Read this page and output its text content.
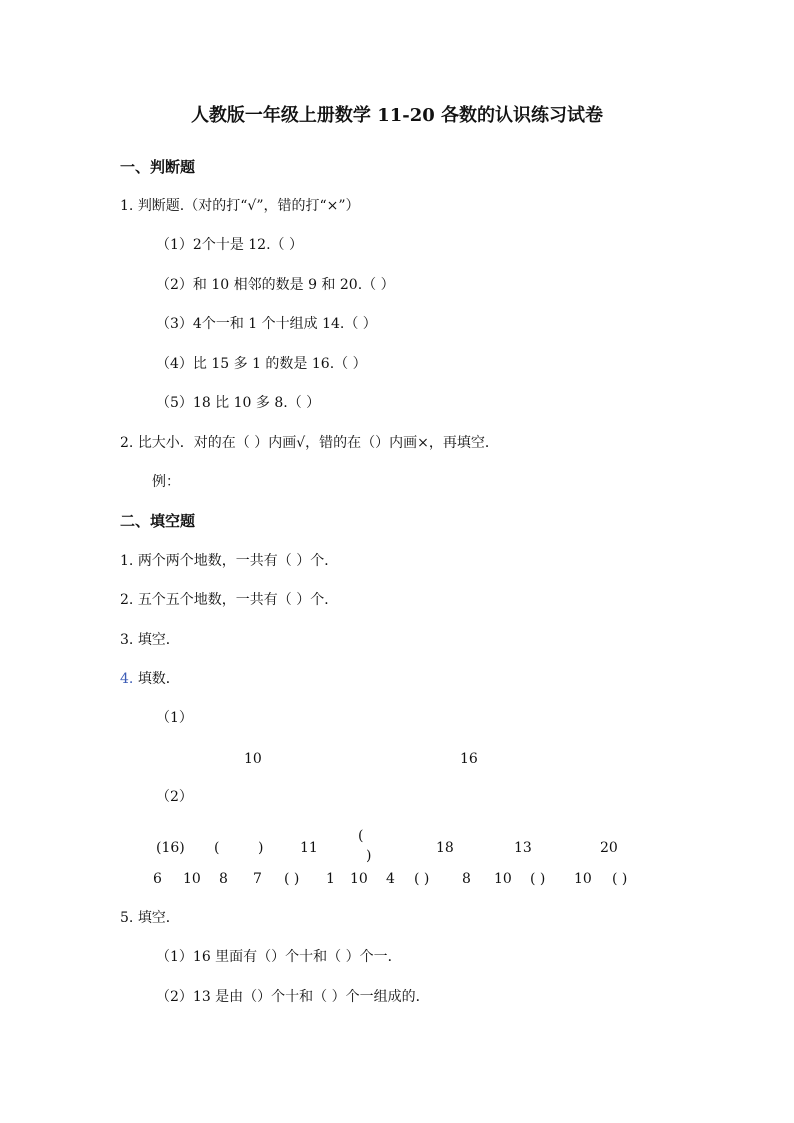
人教版一年级上册数学 11-20 各数的认识练习试卷
一、判断题
1. 判断题.（对的打“√”，错的打“×”）
（1）2个十是 12.（ ）
（2）和 10 相邻的数是 9 和 20.（ ）
（3）4个一和 1 个十组成 14.（ ）
（4）比 15 多 1 的数是 16.（ ）
（5）18 比 10 多 8.（ ）
2. 比大小．对的在（ ）内画√，错的在（）内画×，再填空．
例：
二、填空题
1. 两个两个地数，一共有（ ）个．
2. 五个五个地数，一共有（ ）个．
3. 填空．
4. 填数．
（1）
10	16
（2）
(16) (	)	11
(
)	18	13	20
6 10 8 7 ( ) 1 10 4 ( ) 8 10 ( ) 10 ( )
5. 填空．
（1）16 里面有（）个十和（ ）个一．
（2）13 是由（）个十和（ ）个一组成的．
